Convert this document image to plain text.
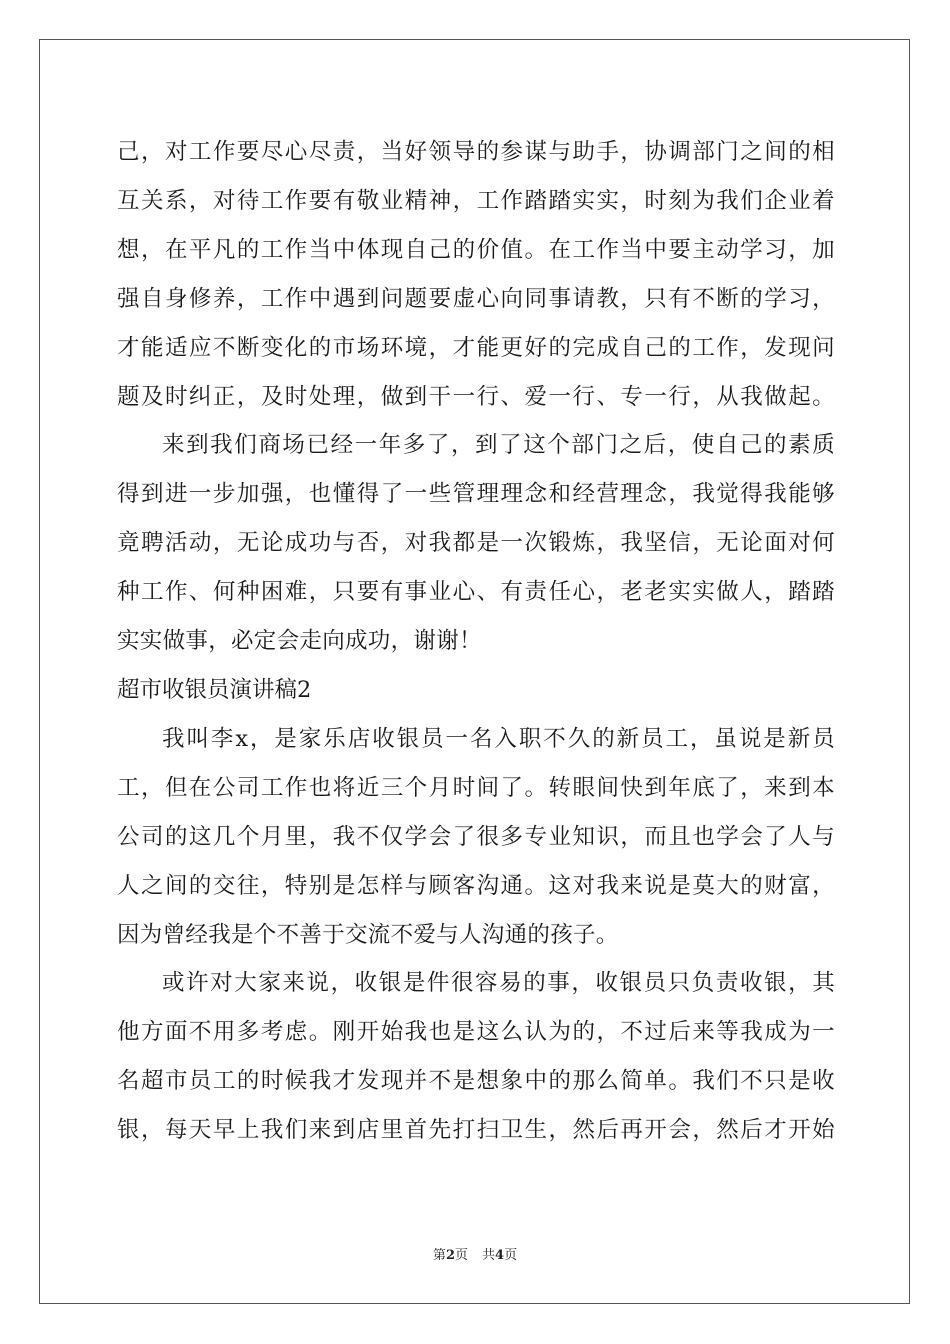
己，对工作要尽心尽责，当好领导的参谋与助手，协调部门之间的相

互关系，对待工作要有敬业精神，工作踏踏实实，时刻为我们企业着

想，在平凡的工作当中体现自己的价值。在工作当中要主动学习，加

强自身修养，工作中遇到问题要虚心向同事请教，只有不断的学习，

才能适应不断变化的市场环境，才能更好的完成自己的工作，发现问

题及时纠正，及时处理，做到干一行、爱一行、专一行，从我做起。

来到我们商场已经一年多了，到了这个部门之后，使自己的素质

得到进一步加强，也懂得了一些管理理念和经营理念，我觉得我能够

竟聘活动，无论成功与否，对我都是一次锻炼，我坚信，无论面对何

种工作、何种困难，只要有事业心、有责任心，老老实实做人，踏踏

实实做事，必定会走向成功，谢谢！

超市收银员演讲稿2

我叫李x，是家乐店收银员一名入职不久的新员工，虽说是新员

工，但在公司工作也将近三个月时间了。转眼间快到年底了，来到本

公司的这几个月里，我不仅学会了很多专业知识，而且也学会了人与

人之间的交往，特别是怎样与顾客沟通。这对我来说是莫大的财富，

因为曾经我是个不善于交流不爱与人沟通的孩子。

或许对大家来说，收银是件很容易的事，收银员只负责收银，其

他方面不用多考虑。刚开始我也是这么认为的，不过后来等我成为一

名超市员工的时候我才发现并不是想象中的那么简单。我们不只是收

银，每天早上我们来到店里首先打扫卫生，然后再开会，然后才开始

第2页 共4页
